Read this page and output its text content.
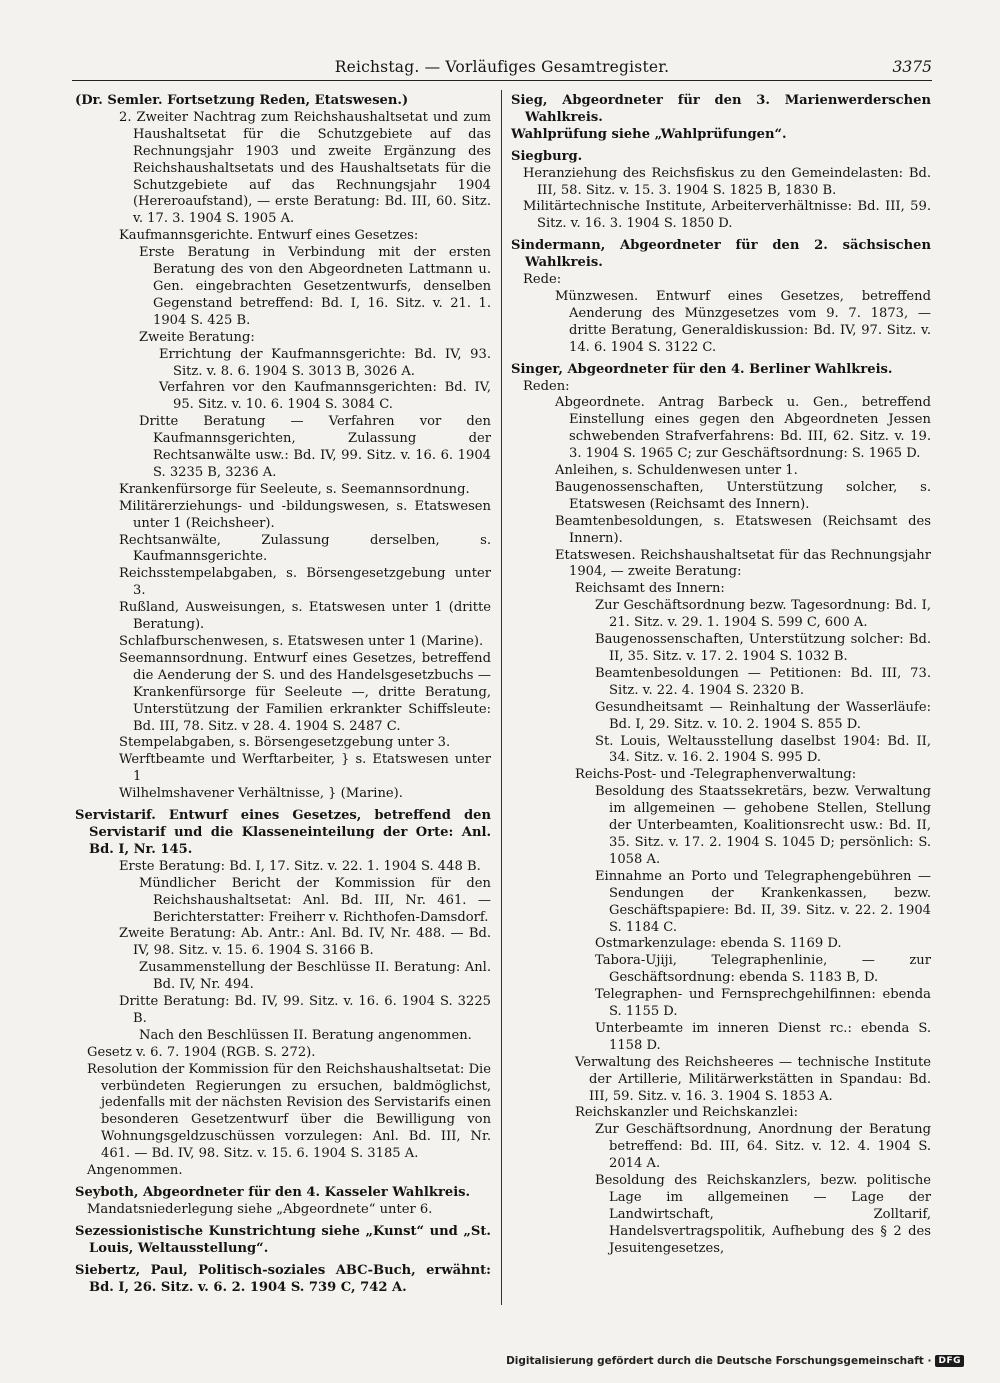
Reichstag. — Vorläufiges Gesamtregister.	3375

(Dr. Semler. Fortsetzung Reden, Etatswesen.)

2. Zweiter Nachtrag zum Reichshaushaltsetat und zum Haushaltsetat für die Schutzgebiete auf das Rechnungsjahr 1903 und zweite Ergänzung des Reichshaushaltsetats und des Haushaltsetats für die Schutzgebiete auf das Rechnungsjahr 1904 (Hereroaufstand), — erste Beratung: Bd. III, 60. Sitz. v. 17. 3. 1904 S. 1905 A.

Kaufmannsgerichte. Entwurf eines Gesetzes:

Erste Beratung in Verbindung mit der ersten Beratung des von den Abgeordneten Lattmann u. Gen. eingebrachten Gesetzentwurfs, denselben Gegenstand betreffend: Bd. I, 16. Sitz. v. 21. 1. 1904 S. 425 B.

Zweite Beratung:

Errichtung der Kaufmannsgerichte: Bd. IV, 93. Sitz. v. 8. 6. 1904 S. 3013 B, 3026 A.

Verfahren vor den Kaufmannsgerichten: Bd. IV, 95. Sitz. v. 10. 6. 1904 S. 3084 C.

Dritte Beratung — Verfahren vor den Kaufmannsgerichten, Zulassung der Rechtsanwälte usw.: Bd. IV, 99. Sitz. v. 16. 6. 1904 S. 3235 B, 3236 A.

Krankenfürsorge für Seeleute, s. Seemannsordnung.

Militärerziehungs- und -bildungswesen, s. Etatswesen unter 1 (Reichsheer).

Rechtsanwälte, Zulassung derselben, s. Kaufmannsgerichte.

Reichsstempelabgaben, s. Börsengesetzgebung unter 3.

Rußland, Ausweisungen, s. Etatswesen unter 1 (dritte Beratung).

Schlafburschenwesen, s. Etatswesen unter 1 (Marine).

Seemannsordnung. Entwurf eines Gesetzes, betreffend die Aenderung der S. und des Handelsgesetzbuchs — Krankenfürsorge für Seeleute —, dritte Beratung, Unterstützung der Familien erkrankter Schiffsleute: Bd. III, 78. Sitz. v 28. 4. 1904 S. 2487 C.

Stempelabgaben, s. Börsengesetzgebung unter 3.

Werftbeamte und Werftarbeiter, } s. Etatswesen unter 1

Wilhelmshavener Verhältnisse, } (Marine).

Servistarif. Entwurf eines Gesetzes, betreffend den Servistarif und die Klasseneinteilung der Orte: Anl. Bd. I, Nr. 145.

Erste Beratung: Bd. I, 17. Sitz. v. 22. 1. 1904 S. 448 B.

Mündlicher Bericht der Kommission für den Reichshaushaltsetat: Anl. Bd. III, Nr. 461. — Berichterstatter: Freiherr v. Richthofen-Damsdorf.

Zweite Beratung: Ab. Antr.: Anl. Bd. IV, Nr. 488. — Bd. IV, 98. Sitz. v. 15. 6. 1904 S. 3166 B.

Zusammenstellung der Beschlüsse II. Beratung: Anl. Bd. IV, Nr. 494.

Dritte Beratung: Bd. IV, 99. Sitz. v. 16. 6. 1904 S. 3225 B.

Nach den Beschlüssen II. Beratung angenommen.

Gesetz v. 6. 7. 1904 (RGB. S. 272).

Resolution der Kommission für den Reichshaushaltsetat: Die verbündeten Regierungen zu ersuchen, baldmöglichst, jedenfalls mit der nächsten Revision des Servistarifs einen besonderen Gesetzentwurf über die Bewilligung von Wohnungsgeldzuschüssen vorzulegen: Anl. Bd. III, Nr. 461. — Bd. IV, 98. Sitz. v. 15. 6. 1904 S. 3185 A.

Angenommen.

Seyboth, Abgeordneter für den 4. Kasseler Wahlkreis.

Mandatsniederlegung siehe „Abgeordnete“ unter 6.

Sezessionistische Kunstrichtung siehe „Kunst“ und „St. Louis, Weltausstellung“.

Siebertz, Paul, Politisch-soziales ABC-Buch, erwähnt: Bd. I, 26. Sitz. v. 6. 2. 1904 S. 739 C, 742 A.

Sieg, Abgeordneter für den 3. Marienwerderschen Wahlkreis.

Wahlprüfung siehe „Wahlprüfungen“.

Siegburg.

Heranziehung des Reichsfiskus zu den Gemeindelasten: Bd. III, 58. Sitz. v. 15. 3. 1904 S. 1825 B, 1830 B.

Militärtechnische Institute, Arbeiterverhältnisse: Bd. III, 59. Sitz. v. 16. 3. 1904 S. 1850 D.

Sindermann, Abgeordneter für den 2. sächsischen Wahlkreis.

Rede:

Münzwesen. Entwurf eines Gesetzes, betreffend Aenderung des Münzgesetzes vom 9. 7. 1873, — dritte Beratung, Generaldiskussion: Bd. IV, 97. Sitz. v. 14. 6. 1904 S. 3122 C.

Singer, Abgeordneter für den 4. Berliner Wahlkreis.

Reden:

Abgeordnete. Antrag Barbeck u. Gen., betreffend Einstellung eines gegen den Abgeordneten Jessen schwebenden Strafverfahrens: Bd. III, 62. Sitz. v. 19. 3. 1904 S. 1965 C; zur Geschäftsordnung: S. 1965 D.

Anleihen, s. Schuldenwesen unter 1.

Baugenossenschaften, Unterstützung solcher, s. Etatswesen (Reichsamt des Innern).

Beamtenbesoldungen, s. Etatswesen (Reichsamt des Innern).

Etatswesen. Reichshaushaltsetat für das Rechnungsjahr 1904, — zweite Beratung:

Reichsamt des Innern:

Zur Geschäftsordnung bezw. Tagesordnung: Bd. I, 21. Sitz. v. 29. 1. 1904 S. 599 C, 600 A.

Baugenossenschaften, Unterstützung solcher: Bd. II, 35. Sitz. v. 17. 2. 1904 S. 1032 B.

Beamtenbesoldungen — Petitionen: Bd. III, 73. Sitz. v. 22. 4. 1904 S. 2320 B.

Gesundheitsamt — Reinhaltung der Wasserläufe: Bd. I, 29. Sitz. v. 10. 2. 1904 S. 855 D.

St. Louis, Weltausstellung daselbst 1904: Bd. II, 34. Sitz. v. 16. 2. 1904 S. 995 D.

Reichs-Post- und -Telegraphenverwaltung:

Besoldung des Staatssekretärs, bezw. Verwaltung im allgemeinen — gehobene Stellen, Stellung der Unterbeamten, Koalitionsrecht usw.: Bd. II, 35. Sitz. v. 17. 2. 1904 S. 1045 D; persönlich: S. 1058 A.

Einnahme an Porto und Telegraphengebühren — Sendungen der Krankenkassen, bezw. Geschäftspapiere: Bd. II, 39. Sitz. v. 22. 2. 1904 S. 1184 C.

Ostmarkenzulage: ebenda S. 1169 D.

Tabora-Ujiji, Telegraphenlinie, — zur Geschäftsordnung: ebenda S. 1183 B, D.

Telegraphen- und Fernsprechgehilfinnen: ebenda S. 1155 D.

Unterbeamte im inneren Dienst rc.: ebenda S. 1158 D.

Verwaltung des Reichsheeres — technische Institute der Artillerie, Militärwerkstätten in Spandau: Bd. III, 59. Sitz. v. 16. 3. 1904 S. 1853 A.

Reichskanzler und Reichskanzlei:

Zur Geschäftsordnung, Anordnung der Beratung betreffend: Bd. III, 64. Sitz. v. 12. 4. 1904 S. 2014 A.

Besoldung des Reichskanzlers, bezw. politische Lage im allgemeinen — Lage der Landwirtschaft, Zolltarif, Handelsvertragspolitik, Aufhebung des § 2 des Jesuitengesetzes,

Digitalisierung gefördert durch die Deutsche Forschungsgemeinschaft · DFG
